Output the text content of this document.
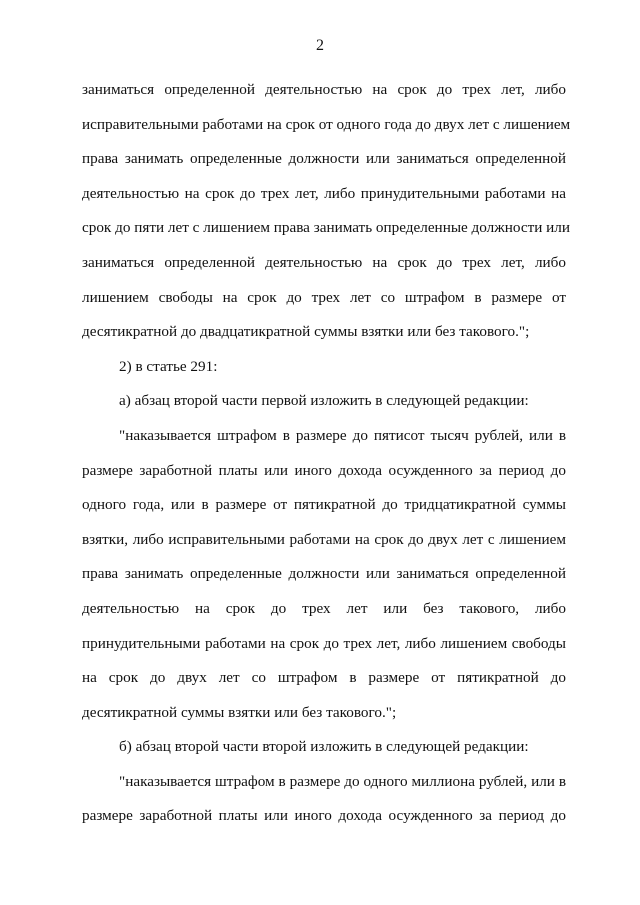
2
заниматься определенной деятельностью на срок до трех лет, либо
исправительными работами на срок от одного года до двух лет с лишением
права занимать определенные должности или заниматься определенной
деятельностью на срок до трех лет, либо принудительными работами на
срок до пяти лет с лишением права занимать определенные должности или
заниматься определенной деятельностью на срок до трех лет, либо
лишением свободы на срок до трех лет со штрафом в размере от
десятикратной до двадцатикратной суммы взятки или без такового.";
2) в статье 291:
а) абзац второй части первой изложить в следующей редакции:
"наказывается штрафом в размере до пятисот тысяч рублей, или в
размере заработной платы или иного дохода осужденного за период до
одного года, или в размере от пятикратной до тридцатикратной суммы
взятки, либо исправительными работами на срок до двух лет с лишением
права занимать определенные должности или заниматься определенной
деятельностью на срок до трех лет или без такового, либо
принудительными работами на срок до трех лет, либо лишением свободы
на срок до двух лет со штрафом в размере от пятикратной до
десятикратной суммы взятки или без такового.";
б) абзац второй части второй изложить в следующей редакции:
"наказывается штрафом в размере до одного миллиона рублей, или в
размере заработной платы или иного дохода осужденного за период до
